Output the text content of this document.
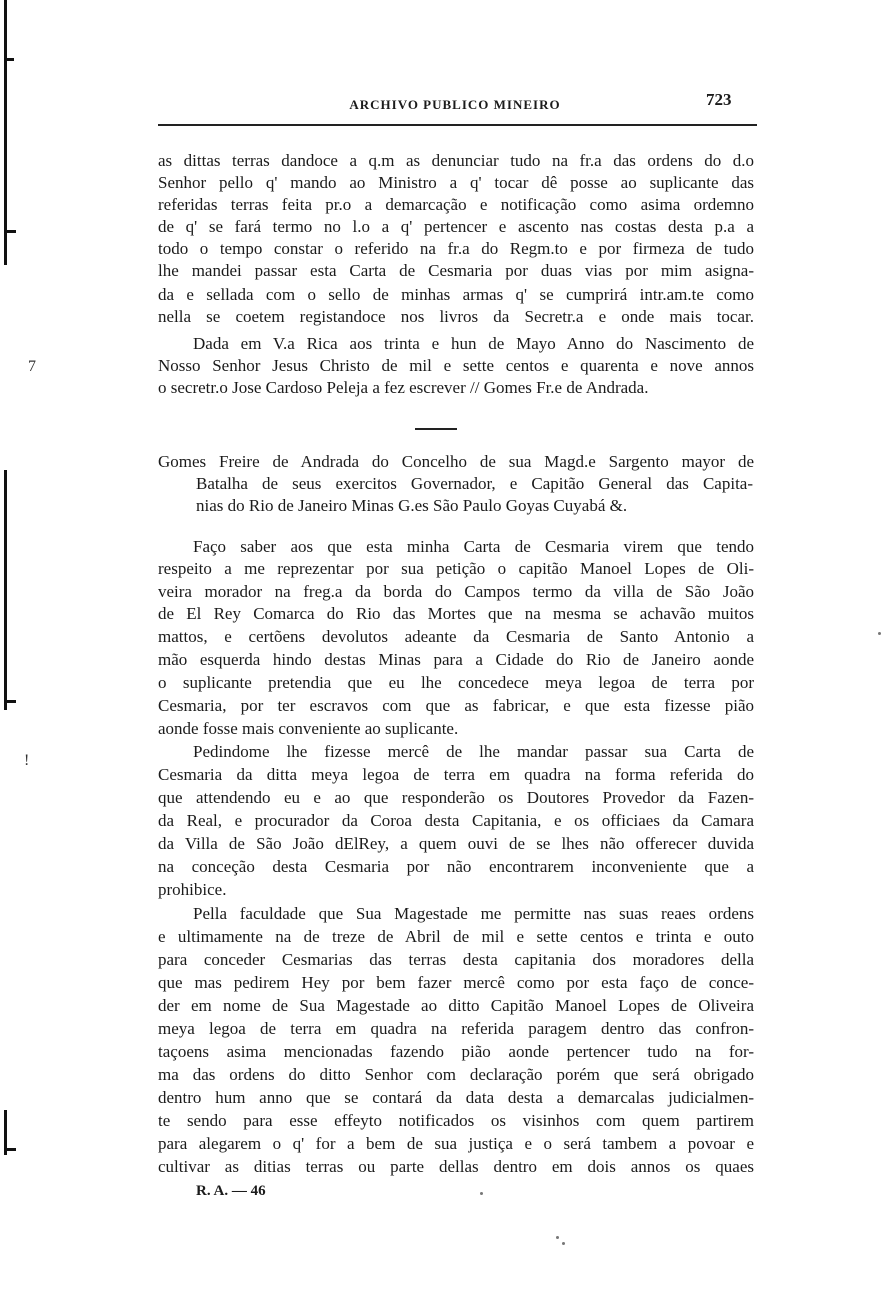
7
!
ARCHIVO PUBLICO MINEIRO	723
as dittas terras dandoce a q.m as denunciar tudo na fr.a das ordens do d.o
Senhor pello q' mando ao Ministro a q' tocar dê posse ao suplicante das
referidas terras feita pr.o a demarcação e notificação como asima ordemno
de q' se fará termo no l.o a q' pertencer e ascento nas costas desta p.a a
todo o tempo constar o referido na fr.a do Regm.to e por firmeza de tudo
lhe mandei passar esta Carta de Cesmaria por duas vias por mim asigna-
da e sellada com o sello de minhas armas q' se cumprirá intr.am.te como
nella se coetem registandoce nos livros da Secretr.a e onde mais tocar.
Dada em V.a Rica aos trinta e hun de Mayo Anno do Nascimento de
Nosso Senhor Jesus Christo de mil e sette centos e quarenta e nove annos
o secretr.o Jose Cardoso Peleja a fez escrever // Gomes Fr.e de Andrada.
Gomes Freire de Andrada do Concelho de sua Magd.e Sargento mayor de
Batalha de seus exercitos Governador, e Capitão General das Capita-
nias do Rio de Janeiro Minas G.es São Paulo Goyas Cuyabá &.
Faço saber aos que esta minha Carta de Cesmaria virem que tendo
respeito a me reprezentar por sua petição o capitão Manoel Lopes de Oli-
veira morador na freg.a da borda do Campos termo da villa de São João
de El Rey Comarca do Rio das Mortes que na mesma se achavão muitos
mattos, e certõens devolutos adeante da Cesmaria de Santo Antonio a
mão esquerda hindo destas Minas para a Cidade do Rio de Janeiro aonde
o suplicante pretendia que eu lhe concedece meya legoa de terra por
Cesmaria, por ter escravos com que as fabricar, e que esta fizesse pião
aonde fosse mais conveniente ao suplicante.
Pedindome lhe fizesse mercê de lhe mandar passar sua Carta de
Cesmaria da ditta meya legoa de terra em quadra na forma referida do
que attendendo eu e ao que responderão os Doutores Provedor da Fazen-
da Real, e procurador da Coroa desta Capitania, e os officiaes da Camara
da Villa de São João dElRey, a quem ouvi de se lhes não offerecer duvida
na conceção desta Cesmaria por não encontrarem inconveniente que a
prohibice.
Pella faculdade que Sua Magestade me permitte nas suas reaes ordens
e ultimamente na de treze de Abril de mil e sette centos e trinta e outo
para conceder Cesmarias das terras desta capitania dos moradores della
que mas pedirem Hey por bem fazer mercê como por esta faço de conce-
der em nome de Sua Magestade ao ditto Capitão Manoel Lopes de Oliveira
meya legoa de terra em quadra na referida paragem dentro das confron-
taçoens asima mencionadas fazendo pião aonde pertencer tudo na for-
ma das ordens do ditto Senhor com declaração porém que será obrigado
dentro hum anno que se contará da data desta a demarcalas judicialmen-
te sendo para esse effeyto notificados os visinhos com quem partirem
para alegarem o q' for a bem de sua justiça e o será tambem a povoar e
cultivar as ditias terras ou parte dellas dentro em dois annos os quaes
R. A. — 46
